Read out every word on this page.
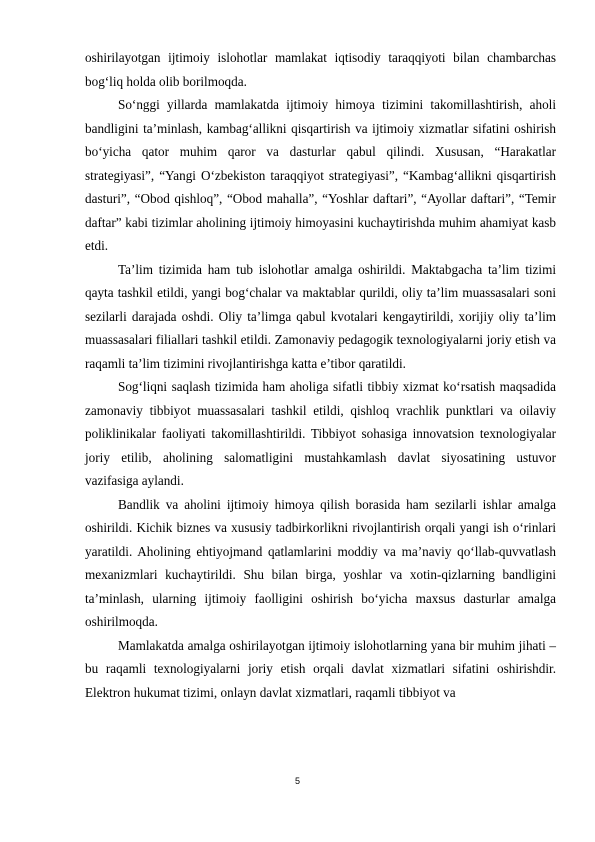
oshirilayotgan ijtimoiy islohotlar mamlakat iqtisodiy taraqqiyoti bilan chambarchas bog‘liq holda olib borilmoqda.

So‘nggi yillarda mamlakatda ijtimoiy himoya tizimini takomillashtirish, aholi bandligini ta’minlash, kambag‘allikni qisqartirish va ijtimoiy xizmatlar sifatini oshirish bo‘yicha qator muhim qaror va dasturlar qabul qilindi. Xususan, “Harakatlar strategiyasi”, “Yangi O‘zbekiston taraqqiyot strategiyasi”, “Kambag‘allikni qisqartirish dasturi”, “Obod qishloq”, “Obod mahalla”, “Yoshlar daftari”, “Ayollar daftari”, “Temir daftar” kabi tizimlar aholining ijtimoiy himoyasini kuchaytirishda muhim ahamiyat kasb etdi.

Ta’lim tizimida ham tub islohotlar amalga oshirildi. Maktabgacha ta’lim tizimi qayta tashkil etildi, yangi bog‘chalar va maktablar qurildi, oliy ta’lim muassasalari soni sezilarli darajada oshdi. Oliy ta’limga qabul kvotalari kengaytirildi, xorijiy oliy ta’lim muassasalari filiallari tashkil etildi. Zamonaviy pedagogik texnologiyalarni joriy etish va raqamli ta’lim tizimini rivojlantirishga katta e’tibor qaratildi.

Sog‘liqni saqlash tizimida ham aholiga sifatli tibbiy xizmat ko‘rsatish maqsadida zamonaviy tibbiyot muassasalari tashkil etildi, qishloq vrachlik punktlari va oilaviy poliklinikalar faoliyati takomillashtirildi. Tibbiyot sohasiga innovatsion texnologiyalar joriy etilib, aholining salomatligini mustahkamlash davlat siyosatining ustuvor vazifasiga aylandi.

Bandlik va aholini ijtimoiy himoya qilish borasida ham sezilarli ishlar amalga oshirildi. Kichik biznes va xususiy tadbirkorlikni rivojlantirish orqali yangi ish o‘rinlari yaratildi. Aholining ehtiyojmand qatlamlarini moddiy va ma’naviy qo‘llab-quvvatlash mexanizmlari kuchaytirildi. Shu bilan birga, yoshlar va xotin-qizlarning bandligini ta’minlash, ularning ijtimoiy faolligini oshirish bo‘yicha maxsus dasturlar amalga oshirilmoqda.

Mamlakatda amalga oshirilayotgan ijtimoiy islohotlarning yana bir muhim jihati – bu raqamli texnologiyalarni joriy etish orqali davlat xizmatlari sifatini oshirishdir. Elektron hukumat tizimi, onlayn davlat xizmatlari, raqamli tibbiyot va

5
